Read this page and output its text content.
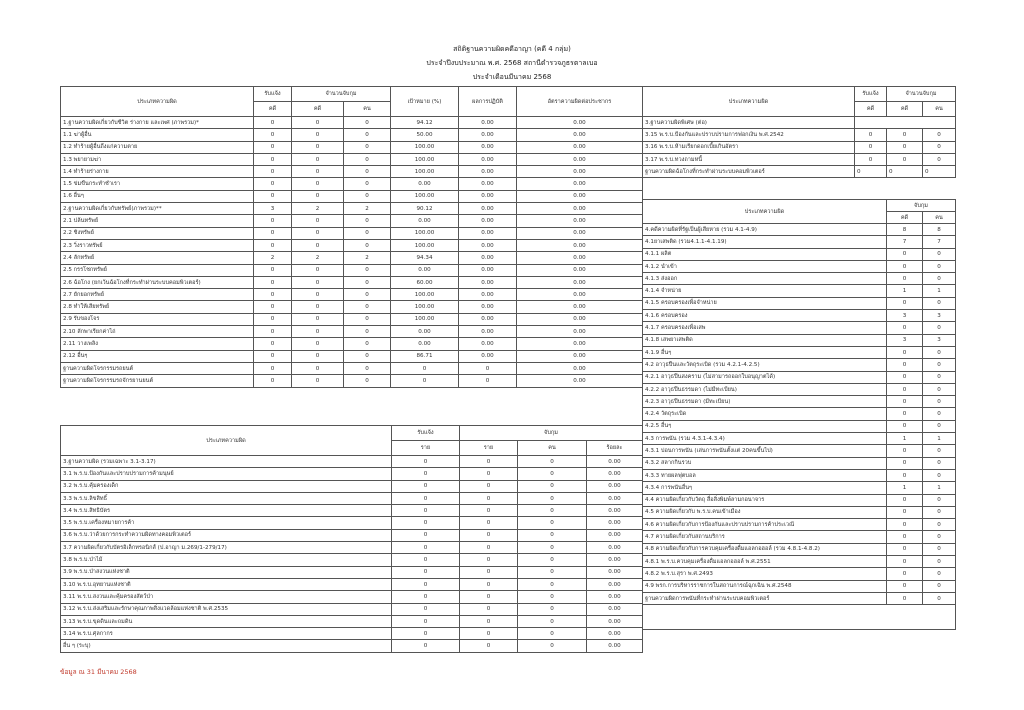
สถิติฐานความผิดคดีอาญา (คดี 4 กลุ่ม)
ประจำปีงบประมาณ พ.ศ. 2568 สถานีตำรวจภูธรตาลเบอ
ประจำเดือนมีนาคม 2568
ประเภทความผิด	รับแจ้ง	จำนวนจับกุม		เป้าหมาย (%)	ผลการปฏิบัติ	อัตราความผิดต่อประชากร
	คดี	คดี	คน			
1.ฐานความผิดเกี่ยวกับชีวิต ร่างกาย และเพศ (ภาพรวม)*	0	0	0	94.12	0.00	0.00
1.1 ฆ่าผู้อื่น	0	0	0	50.00	0.00	0.00
1.2 ทำร้ายผู้อื่นถึงแก่ความตาย	0	0	0	100.00	0.00	0.00
1.3 พยายามฆ่า	0	0	0	100.00	0.00	0.00
1.4 ทำร้ายร่างกาย	0	0	0	100.00	0.00	0.00
1.5 ข่มขืนกระทำชำเรา	0	0	0	0.00	0.00	0.00
1.6 อื่นๆ	0	0	0	100.00	0.00	0.00
2.ฐานความผิดเกี่ยวกับทรัพย์(ภาพรวม)**	3	2	2	90.12	0.00	0.00
2.1 ปล้นทรัพย์	0	0	0	0.00	0.00	0.00
2.2 ชิงทรัพย์	0	0	0	100.00	0.00	0.00
2.3 วิ่งราวทรัพย์	0	0	0	100.00	0.00	0.00
2.4 ลักทรัพย์	2	2	2	94.34	0.00	0.00
2.5 กรรโชกทรัพย์	0	0	0	0.00	0.00	0.00
2.6 ฉ้อโกง (ยกเว้นฉ้อโกงที่กระทำผ่านระบบคอมพิวเตอร์)	0	0	0	60.00	0.00	0.00
2.7 ยักยอกทรัพย์	0	0	0	100.00	0.00	0.00
2.8 ทำให้เสียทรัพย์	0	0	0	100.00	0.00	0.00
2.9 รับของโจร	0	0	0	100.00	0.00	0.00
2.10 ลักพาเรียกค่าไถ่	0	0	0	0.00	0.00	0.00
2.11 วางเพลิง	0	0	0	0.00	0.00	0.00
2.12 อื่นๆ	0	0	0	86.71	0.00	0.00
ฐานความผิดโจรกรรมรถยนต์	0	0	0	0	0	0.00
ฐานความผิดโจรกรรมรถจักรยานยนต์	0	0	0	0	0	0.00
ประเภทความผิด	รับแจ้ง	จับกุม		
	ราย	ราย	คน	ร้อยละ
3.ฐานความผิด (รวมเฉพาะ 3.1-3.17)	0	0	0	0.00
3.1 พ.ร.บ.ป้องกันและปราบปรามการค้ามนุษย์	0	0	0	0.00
3.2 พ.ร.บ.คุ้มครองเด็ก	0	0	0	0.00
3.3 พ.ร.บ.ลิขสิทธิ์	0	0	0	0.00
3.4 พ.ร.บ.สิทธิบัตร	0	0	0	0.00
3.5 พ.ร.บ.เครื่องหมายการค้า	0	0	0	0.00
3.6 พ.ร.บ.ว่าด้วยการกระทำความผิดทางคอมพิวเตอร์	0	0	0	0.00
3.7 ความผิดเกี่ยวกับบัตรอิเล็กทรอนิกส์ (ป.อาญา ม.269/1-279/17)	0	0	0	0.00
3.8 พ.ร.บ.ป่าไม้	0	0	0	0.00
3.9 พ.ร.บ.ป่าสงวนแห่งชาติ	0	0	0	0.00
3.10 พ.ร.บ.อุทยานแห่งชาติ	0	0	0	0.00
3.11 พ.ร.บ.สงวนและคุ้มครองสัตว์ป่า	0	0	0	0.00
3.12 พ.ร.บ.ส่งเสริมและรักษาคุณภาพสิ่งแวดล้อมแห่งชาติ พ.ศ.2535	0	0	0	0.00
3.13 พ.ร.บ.ขุดดินและถมดิน	0	0	0	0.00
3.14 พ.ร.บ.ศุลกากร	0	0	0	0.00
อื่น ๆ (ระบุ)	0	0	0	0.00
ประเภทความผิด	รับแจ้ง	จำนวนจับกุม	
	คดี	คดี	คน
3.ฐานความผิดพิเศษ (ต่อ)			
3.15 พ.ร.บ.ป้องกันและปราบปรามการฟอกเงิน พ.ศ.2542	0	0	0
3.16 พ.ร.บ.ห้ามเรียกดอกเบี้ยเกินอัตรา	0	0	0
3.17 พ.ร.บ.ทวงถามหนี้	0	0	0
ฐานความผิดฉ้อโกงที่กระทำผ่านระบบคอมพิวเตอร์	0	0	0
ประเภทความผิด	จับกุม	
	คดี	คน
4.คดีความผิดที่รัฐเป็นผู้เสียหาย (รวม 4.1-4.9)	8	8
4.1ยาเสพติด (รวม4.1.1-4.1.19)	7	7
4.1.1 ผลิต	0	0
4.1.2 นำเข้า	0	0
4.1.3 ส่งออก	0	0
4.1.4 จำหน่าย	1	1
4.1.5 ครอบครองเพื่อจำหน่าย	0	0
4.1.6 ครอบครอง	3	3
4.1.7 ครอบครองเพื่อเสพ	0	0
4.1.8 เสพยาเสพติด	3	3
4.1.9 อื่นๆ	0	0
4.2 อาวุธปืนและวัตถุระเบิด (รวม 4.2.1-4.2.5)	0	0
4.2.1 อาวุธปืนสงคราม (ไม่สามารถออกใบอนุญาตได้)	0	0
4.2.2 อาวุธปืนธรรมดา (ไม่มีทะเบียน)	0	0
4.2.3 อาวุธปืนธรรมดา (มีทะเบียน)	0	0
4.2.4 วัตถุระเบิด	0	0
4.2.5 อื่นๆ	0	0
4.3 การพนัน (รวม 4.3.1-4.3.4)	1	1
4.3.1 บ่อนการพนัน (เล่นการพนันตั้งแต่ 20คนขึ้นไป)	0	0
4.3.2 สลากกินรวบ	0	0
4.3.3 ทายผลฟุตบอล	0	0
4.3.4 การพนันอื่นๆ	1	1
4.4 ความผิดเกี่ยวกับวัตถุ สื่อสิ่งพิมพ์ลามกอนาจาร	0	0
4.5 ความผิดเกี่ยวกับ พ.ร.บ.คนเข้าเมือง	0	0
4.6 ความผิดเกี่ยวกับการป้องกันและปราบปรามการค้าประเวณี	0	0
4.7 ความผิดเกี่ยวกับสถานบริการ	0	0
4.8 ความผิดเกี่ยวกับการควบคุมเครื่องดื่มแอลกอฮอล์ (รวม 4.8.1-4.8.2)	0	0
4.8.1 พ.ร.บ.ควบคุมเครื่องดื่มแอลกอฮอล์ พ.ศ.2551	0	0
4.8.2 พ.ร.บ.สุรา พ.ศ.2493	0	0
4.9 พรก.การบริหารราชการในสถานการณ์ฉุกเฉิน พ.ศ.2548	0	0
ฐานความผิดการพนันที่กระทำผ่านระบบคอมพิวเตอร์	0	0

ข้อมูล ณ 31 มีนาคม 2568
